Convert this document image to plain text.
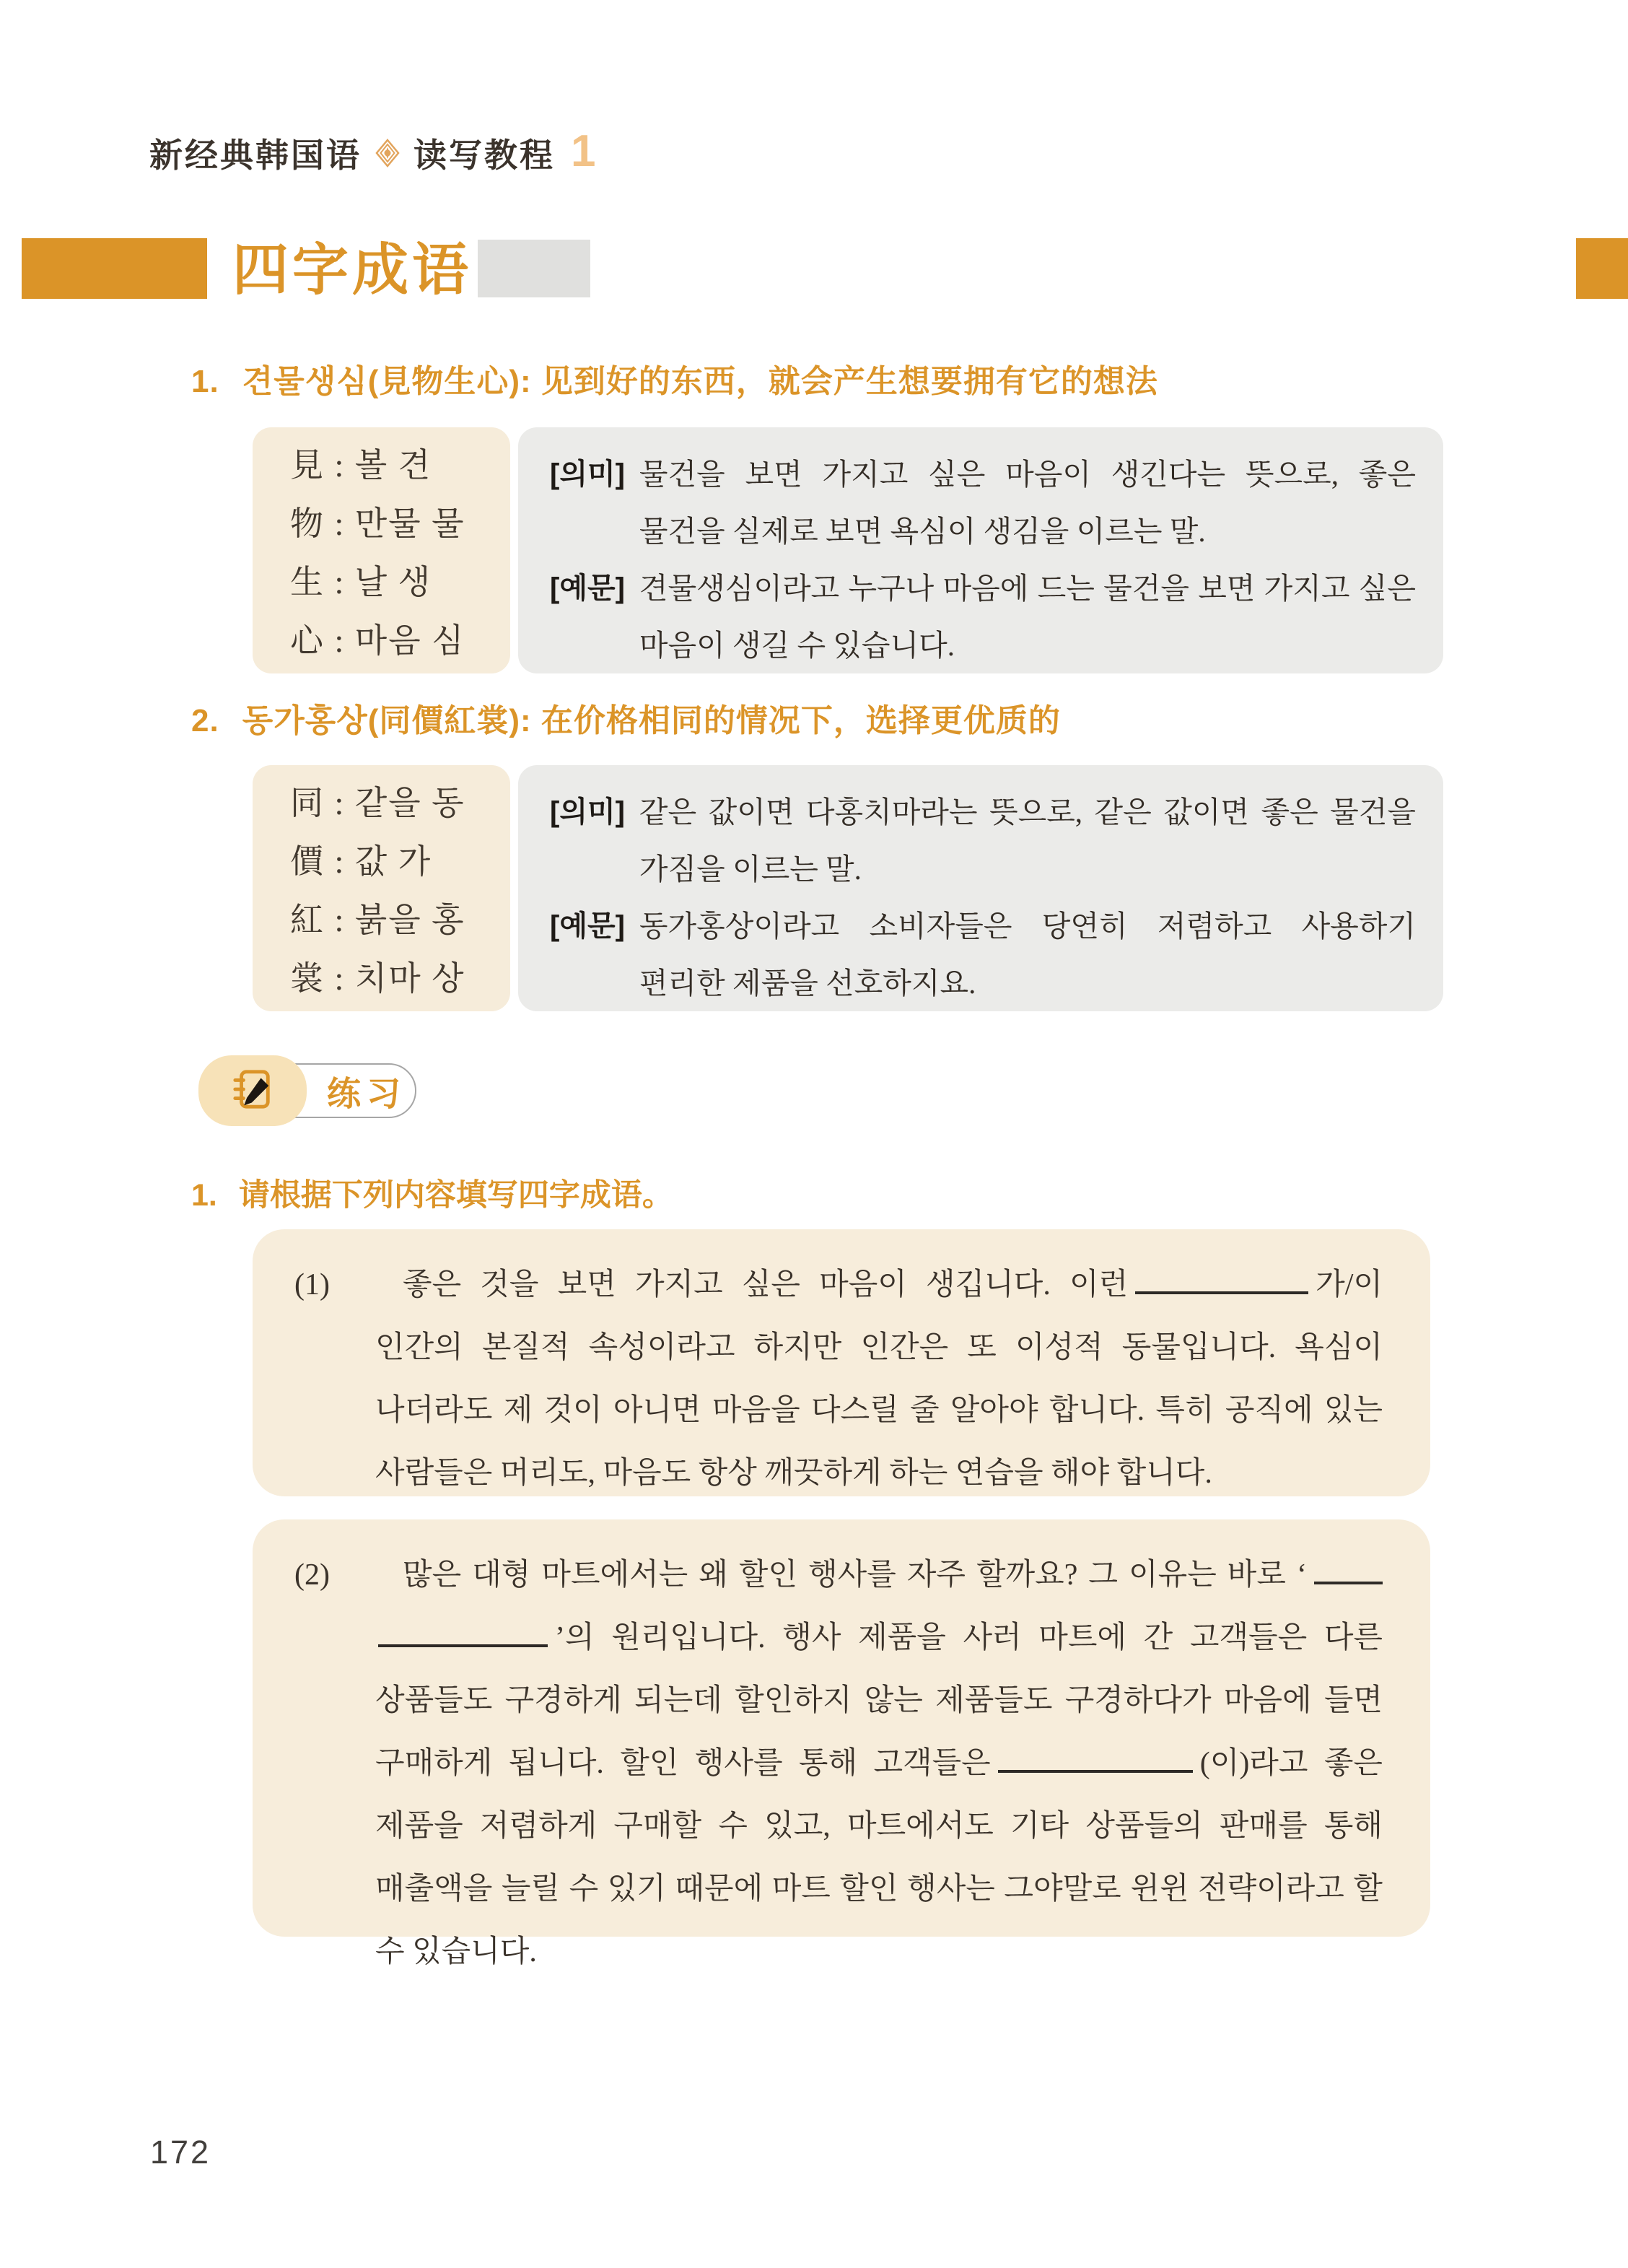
新经典韩国语 读写教程 1
四字成语
1. 견물생심(見物生心): 见到好的东西，就会产生想要拥有它的想法
見 : 볼 견
物 : 만물 물
生 : 날 생
心 : 마음 심
[의미] 물건을 보면 가지고 싶은 마음이 생긴다는 뜻으로, 좋은 물건을 실제로 보면 욕심이 생김을 이르는 말.
[예문] 견물생심이라고 누구나 마음에 드는 물건을 보면 가지고 싶은 마음이 생길 수 있습니다.
2. 동가홍상(同價紅裳): 在价格相同的情况下，选择更优质的
同 : 같을 동
價 : 값 가
紅 : 붉을 홍
裳 : 치마 상
[의미] 같은 값이면 다홍치마라는 뜻으로, 같은 값이면 좋은 물건을 가짐을 이르는 말.
[예문] 동가홍상이라고 소비자들은 당연히 저렴하고 사용하기 편리한 제품을 선호하지요.
练习
1. 请根据下列内容填写四字成语。

(1) 좋은 것을 보면 가지고 싶은 마음이 생깁니다. 이런	가/이 인간의 본질적 속성이라고 하지만 인간은 또 이성적 동물입니다. 욕심이 나더라도 제 것이 아니면 마음을 다스릴 줄 알아야 합니다. 특히 공직에 있는 사람들은 머리도, 마음도 항상 깨끗하게 하는 연습을 해야 합니다.

(2) 많은 대형 마트에서는 왜 할인 행사를 자주 할까요? 그 이유는 바로 ‘’의 원리입니다. 행사 제품을 사러 마트에 간 고객들은 다른 상품들도 구경하게 되는데 할인하지 않는 제품들도 구경하다가 마음에 들면 구매하게 됩니다. 할인 행사를 통해 고객들은	(이)라고 좋은 제품을 저렴하게 구매할 수 있고, 마트에서도 기타 상품들의 판매를 통해 매출액을 늘릴 수 있기 때문에 마트 할인 행사는 그야말로 윈윈 전략이라고 할 수 있습니다.

172
